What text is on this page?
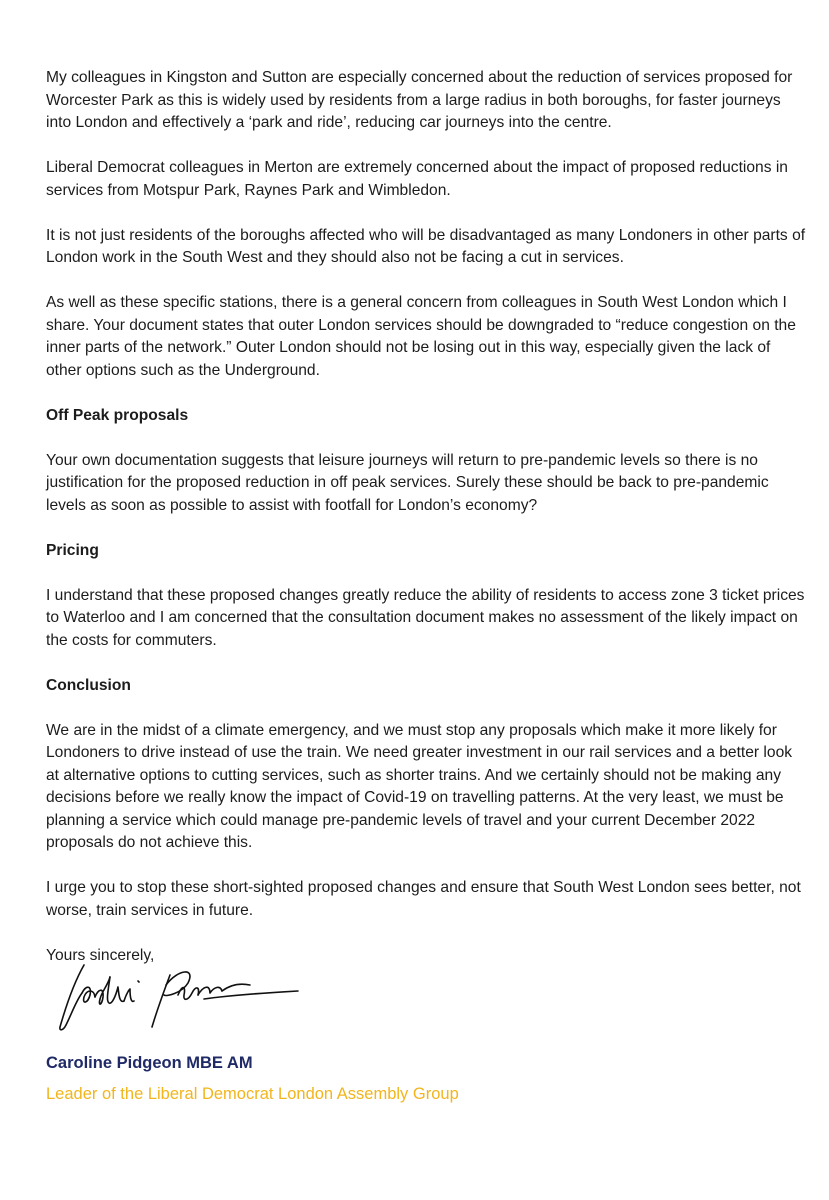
My colleagues in Kingston and Sutton are especially concerned about the reduction of services proposed for Worcester Park as this is widely used by residents from a large radius in both boroughs, for faster journeys into London and effectively a ‘park and ride’, reducing car journeys into the centre.

Liberal Democrat colleagues in Merton are extremely concerned about the impact of proposed reductions in services from Motspur Park, Raynes Park and Wimbledon.

It is not just residents of the boroughs affected who will be disadvantaged as many Londoners in other parts of London work in the South West and they should also not be facing a cut in services.

As well as these specific stations, there is a general concern from colleagues in South West London which I share. Your document states that outer London services should be downgraded to “reduce congestion on the inner parts of the network.” Outer London should not be losing out in this way, especially given the lack of other options such as the Underground.

Off Peak proposals

Your own documentation suggests that leisure journeys will return to pre-pandemic levels so there is no justification for the proposed reduction in off peak services. Surely these should be back to pre-pandemic levels as soon as possible to assist with footfall for London’s economy?

Pricing

I understand that these proposed changes greatly reduce the ability of residents to access zone 3 ticket prices to Waterloo and I am concerned that the consultation document makes no assessment of the likely impact on the costs for commuters.

Conclusion

We are in the midst of a climate emergency, and we must stop any proposals which make it more likely for Londoners to drive instead of use the train. We need greater investment in our rail services and a better look at alternative options to cutting services, such as shorter trains. And we certainly should not be making any decisions before we really know the impact of Covid-19 on travelling patterns. At the very least, we must be planning a service which could manage pre-pandemic levels of travel and your current December 2022 proposals do not achieve this.

I urge you to stop these short-sighted proposed changes and ensure that South West London sees better, not worse, train services in future.

Yours sincerely,

Caroline Pidgeon MBE AM
Leader of the Liberal Democrat London Assembly Group
